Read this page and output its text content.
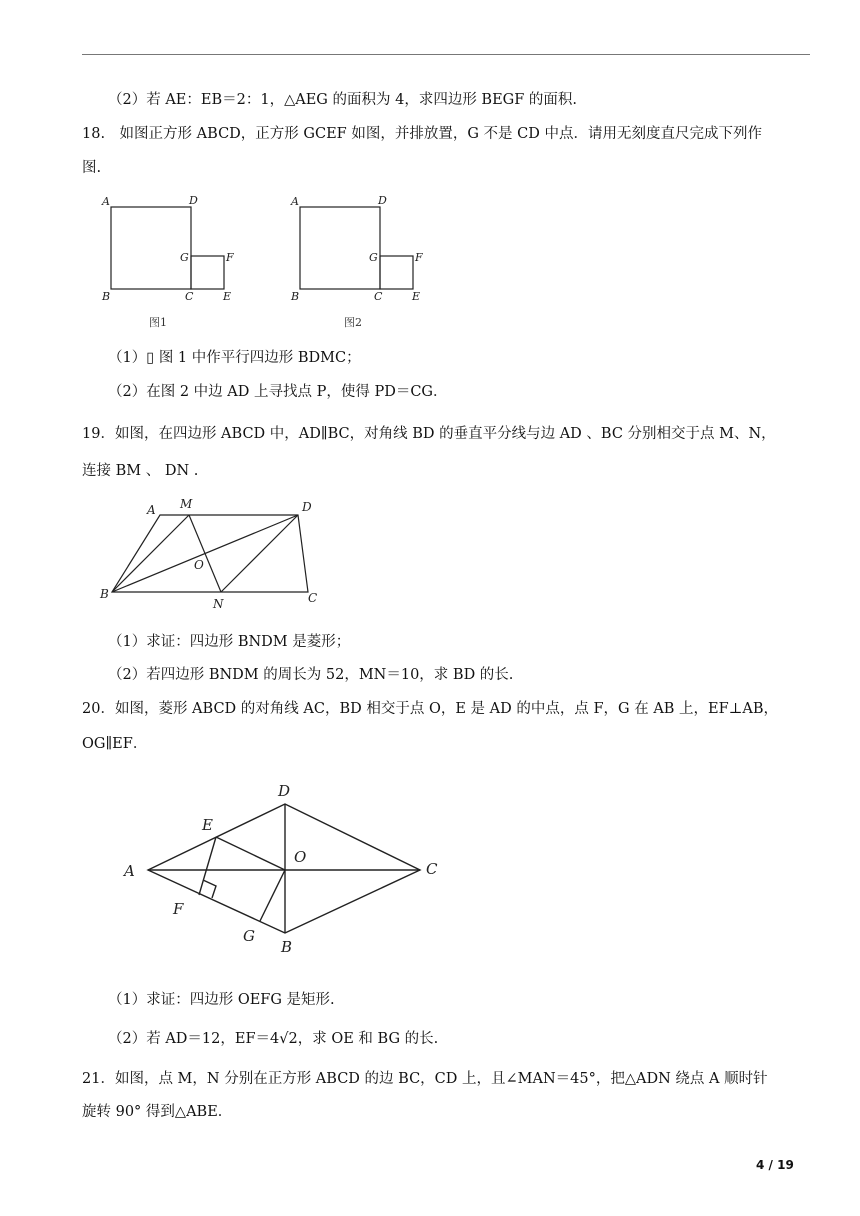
（2）若 AE：EB＝2：1，△AEG 的面积为 4，求四边形 BEGF 的面积.
18.　如图正方形 ABCD，正方形 GCEF 如图，并排放置，G 不是 CD 中点．请用无刻度直尺完成下列作
图.
A	D
G	F
B	C	E
图1
A	D
G	F
B	C	E
图2
（1）▯ 图 1 中作平行四边形 BDMC；
（2）在图 2 中边 AD 上寻找点 P，使得 PD＝CG．
19．如图，在四边形 ABCD 中，AD∥BC，对角线 BD 的垂直平分线与边 AD 、BC 分别相交于点 M、N，
连接 BM 、 DN .
A M	D
O
B
N	C
（1）求证：四边形 BNDM 是菱形；
（2）若四边形 BNDM 的周长为 52，MN＝10，求 BD 的长.
20．如图，菱形 ABCD 的对角线 AC，BD 相交于点 O，E 是 AD 的中点，点 F，G 在 AB 上，EF⊥AB，
OG∥EF．
D
E
O
A	C
F
G
B
（1）求证：四边形 OEFG 是矩形.
（2）若 AD＝12，EF＝4√2，求 OE 和 BG 的长.
21．如图，点 M，N 分别在正方形 ABCD 的边 BC，CD 上，且∠MAN＝45°，把△ADN 绕点 A 顺时针
旋转 90° 得到△ABE．
4 / 19
